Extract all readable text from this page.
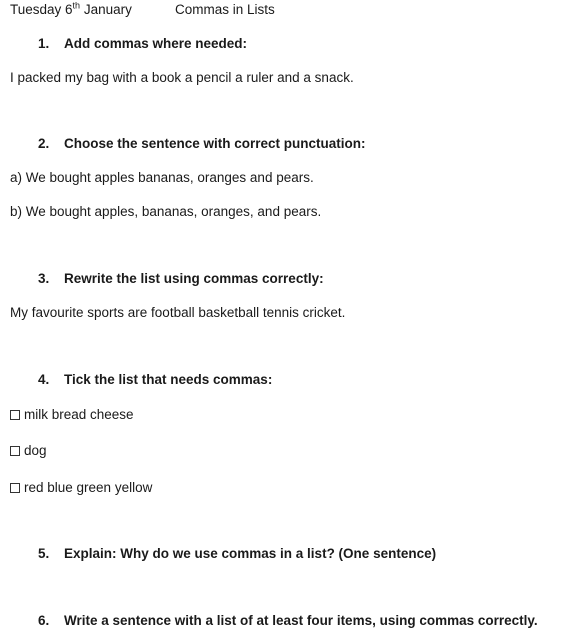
Tuesday 6th January	Commas in Lists
1. Add commas where needed:
I packed my bag with a book a pencil a ruler and a snack.
2. Choose the sentence with correct punctuation:
a) We bought apples bananas, oranges and pears.
b) We bought apples, bananas, oranges, and pears.
3. Rewrite the list using commas correctly:
My favourite sports are football basketball tennis cricket.
4. Tick the list that needs commas:
milk bread cheese
dog
red blue green yellow
5. Explain: Why do we use commas in a list? (One sentence)
6. Write a sentence with a list of at least four items, using commas correctly.
